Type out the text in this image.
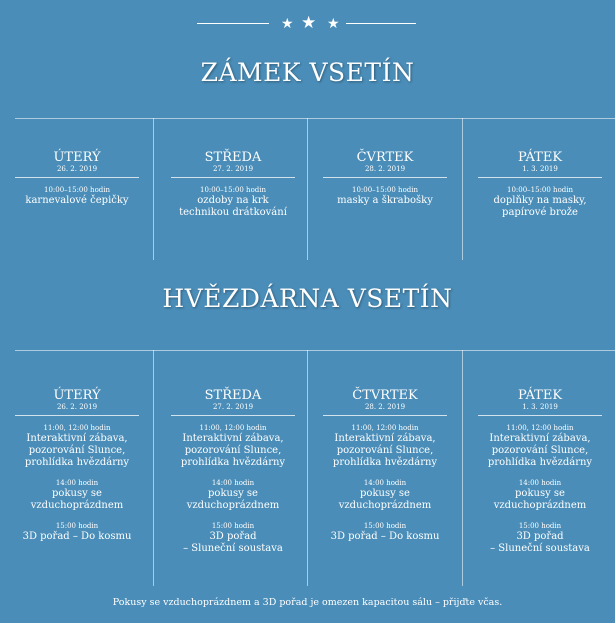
★ ★ ★
ZÁMEK VSETÍN
ÚTERÝ
26. 2. 2019
10:00–15:00 hodin
karnevalové čepičky
STŘEDA
27. 2. 2019
10:00–15:00 hodin
ozdoby na krk
technikou drátkování
ČVRTEK
28. 2. 2019
10:00–15:00 hodin
masky a škrabošky
PÁTEK
1. 3. 2019
10:00–15:00 hodin
doplňky na masky,
papírové brože
HVĚZDÁRNA VSETÍN
ÚTERÝ
26. 2. 2019
11:00, 12:00 hodin
Interaktivní zábava,
pozorování Slunce,
prohlídka hvězdárny
14:00 hodin
pokusy se
vzduchoprázdnem
15:00 hodin
3D pořad – Do kosmu
STŘEDA
27. 2. 2019
11:00, 12:00 hodin
Interaktivní zábava,
pozorování Slunce,
prohlídka hvězdárny
14:00 hodin
pokusy se
vzduchoprázdnem
15:00 hodin
3D pořad
– Sluneční soustava
ČTVRTEK
28. 2. 2019
11:00, 12:00 hodin
Interaktivní zábava,
pozorování Slunce,
prohlídka hvězdárny
14:00 hodin
pokusy se
vzduchoprázdnem
15:00 hodin
3D pořad – Do kosmu
PÁTEK
1. 3. 2019
11:00, 12:00 hodin
Interaktivní zábava,
pozorování Slunce,
prohlídka hvězdárny
14:00 hodin
pokusy se
vzduchoprázdnem
15:00 hodin
3D pořad
– Sluneční soustava
Pokusy se vzduchoprázdnem a 3D pořad je omezen kapacitou sálu – přijďte včas.
